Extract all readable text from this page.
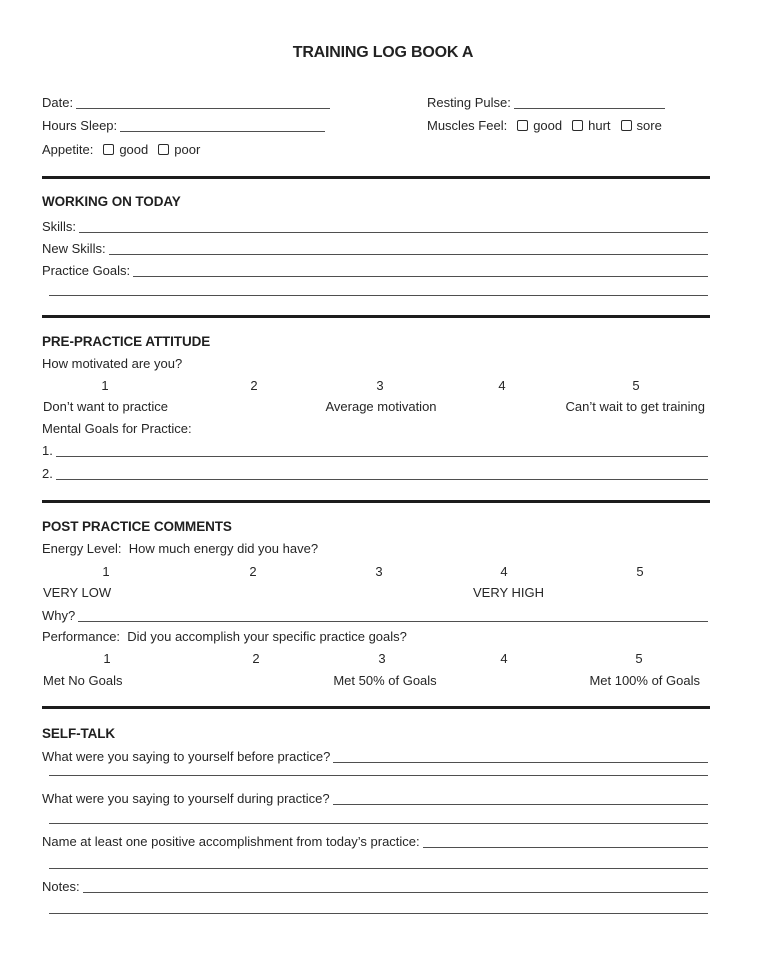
TRAINING LOG BOOK A
Date:	Resting Pulse:
Hours Sleep:	Muscles Feel: good hurt sore
Appetite: good poor
WORKING ON TODAY
Skills:
New Skills:
Practice Goals:
PRE-PRACTICE ATTITUDE
How motivated are you?
1	2	3	4	5
Don’t want to practice	Average motivation	Can’t wait to get training
Mental Goals for Practice:
1.
2.
POST PRACTICE COMMENTS
Energy Level:  How much energy did you have?
1	2	3	4	5
VERY LOW	VERY HIGH
Why?
Performance:  Did you accomplish your specific practice goals?
1	2	3	4	5
Met No Goals	Met 50% of Goals	Met 100% of Goals
SELF-TALK
What were you saying to yourself before practice?
What were you saying to yourself during practice?
Name at least one positive accomplishment from today’s practice:
Notes:
